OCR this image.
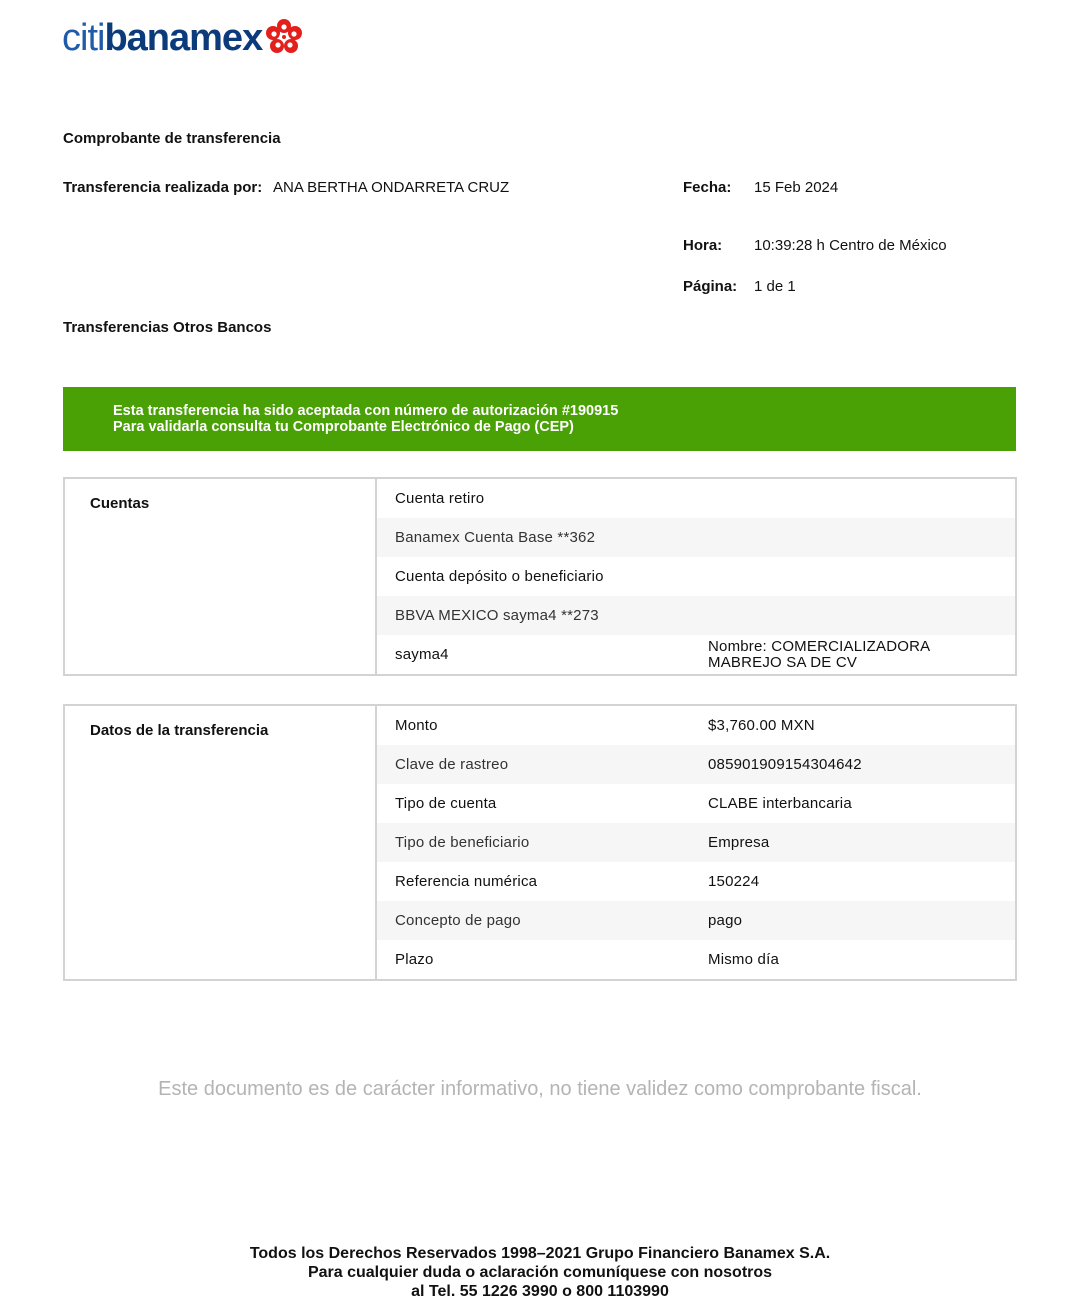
citibanamex
Comprobante de transferencia
Transferencia realizada por: ANA BERTHA ONDARRETA CRUZ	Fecha: 15 Feb 2024
Hora: 10:39:28 h Centro de México
Página: 1 de 1
Transferencias Otros Bancos
Esta transferencia ha sido aceptada con número de autorización #190915
Para validarla consulta tu Comprobante Electrónico de Pago (CEP)
Cuentas	Cuenta retiro
Banamex Cuenta Base **362
Cuenta depósito o beneficiario
BBVA MEXICO sayma4 **273
sayma4	Nombre: COMERCIALIZADORA
MABREJO SA DE CV
Datos de la transferencia	Monto	$3,760.00 MXN
Clave de rastreo	085901909154304642
Tipo de cuenta	CLABE interbancaria
Tipo de beneficiario	Empresa
Referencia numérica	150224
Concepto de pago	pago
Plazo	Mismo día
Este documento es de carácter informativo, no tiene validez como comprobante fiscal.
Todos los Derechos Reservados 1998–2021 Grupo Financiero Banamex S.A.
Para cualquier duda o aclaración comuníquese con nosotros
al Tel. 55 1226 3990 o 800 1103990
